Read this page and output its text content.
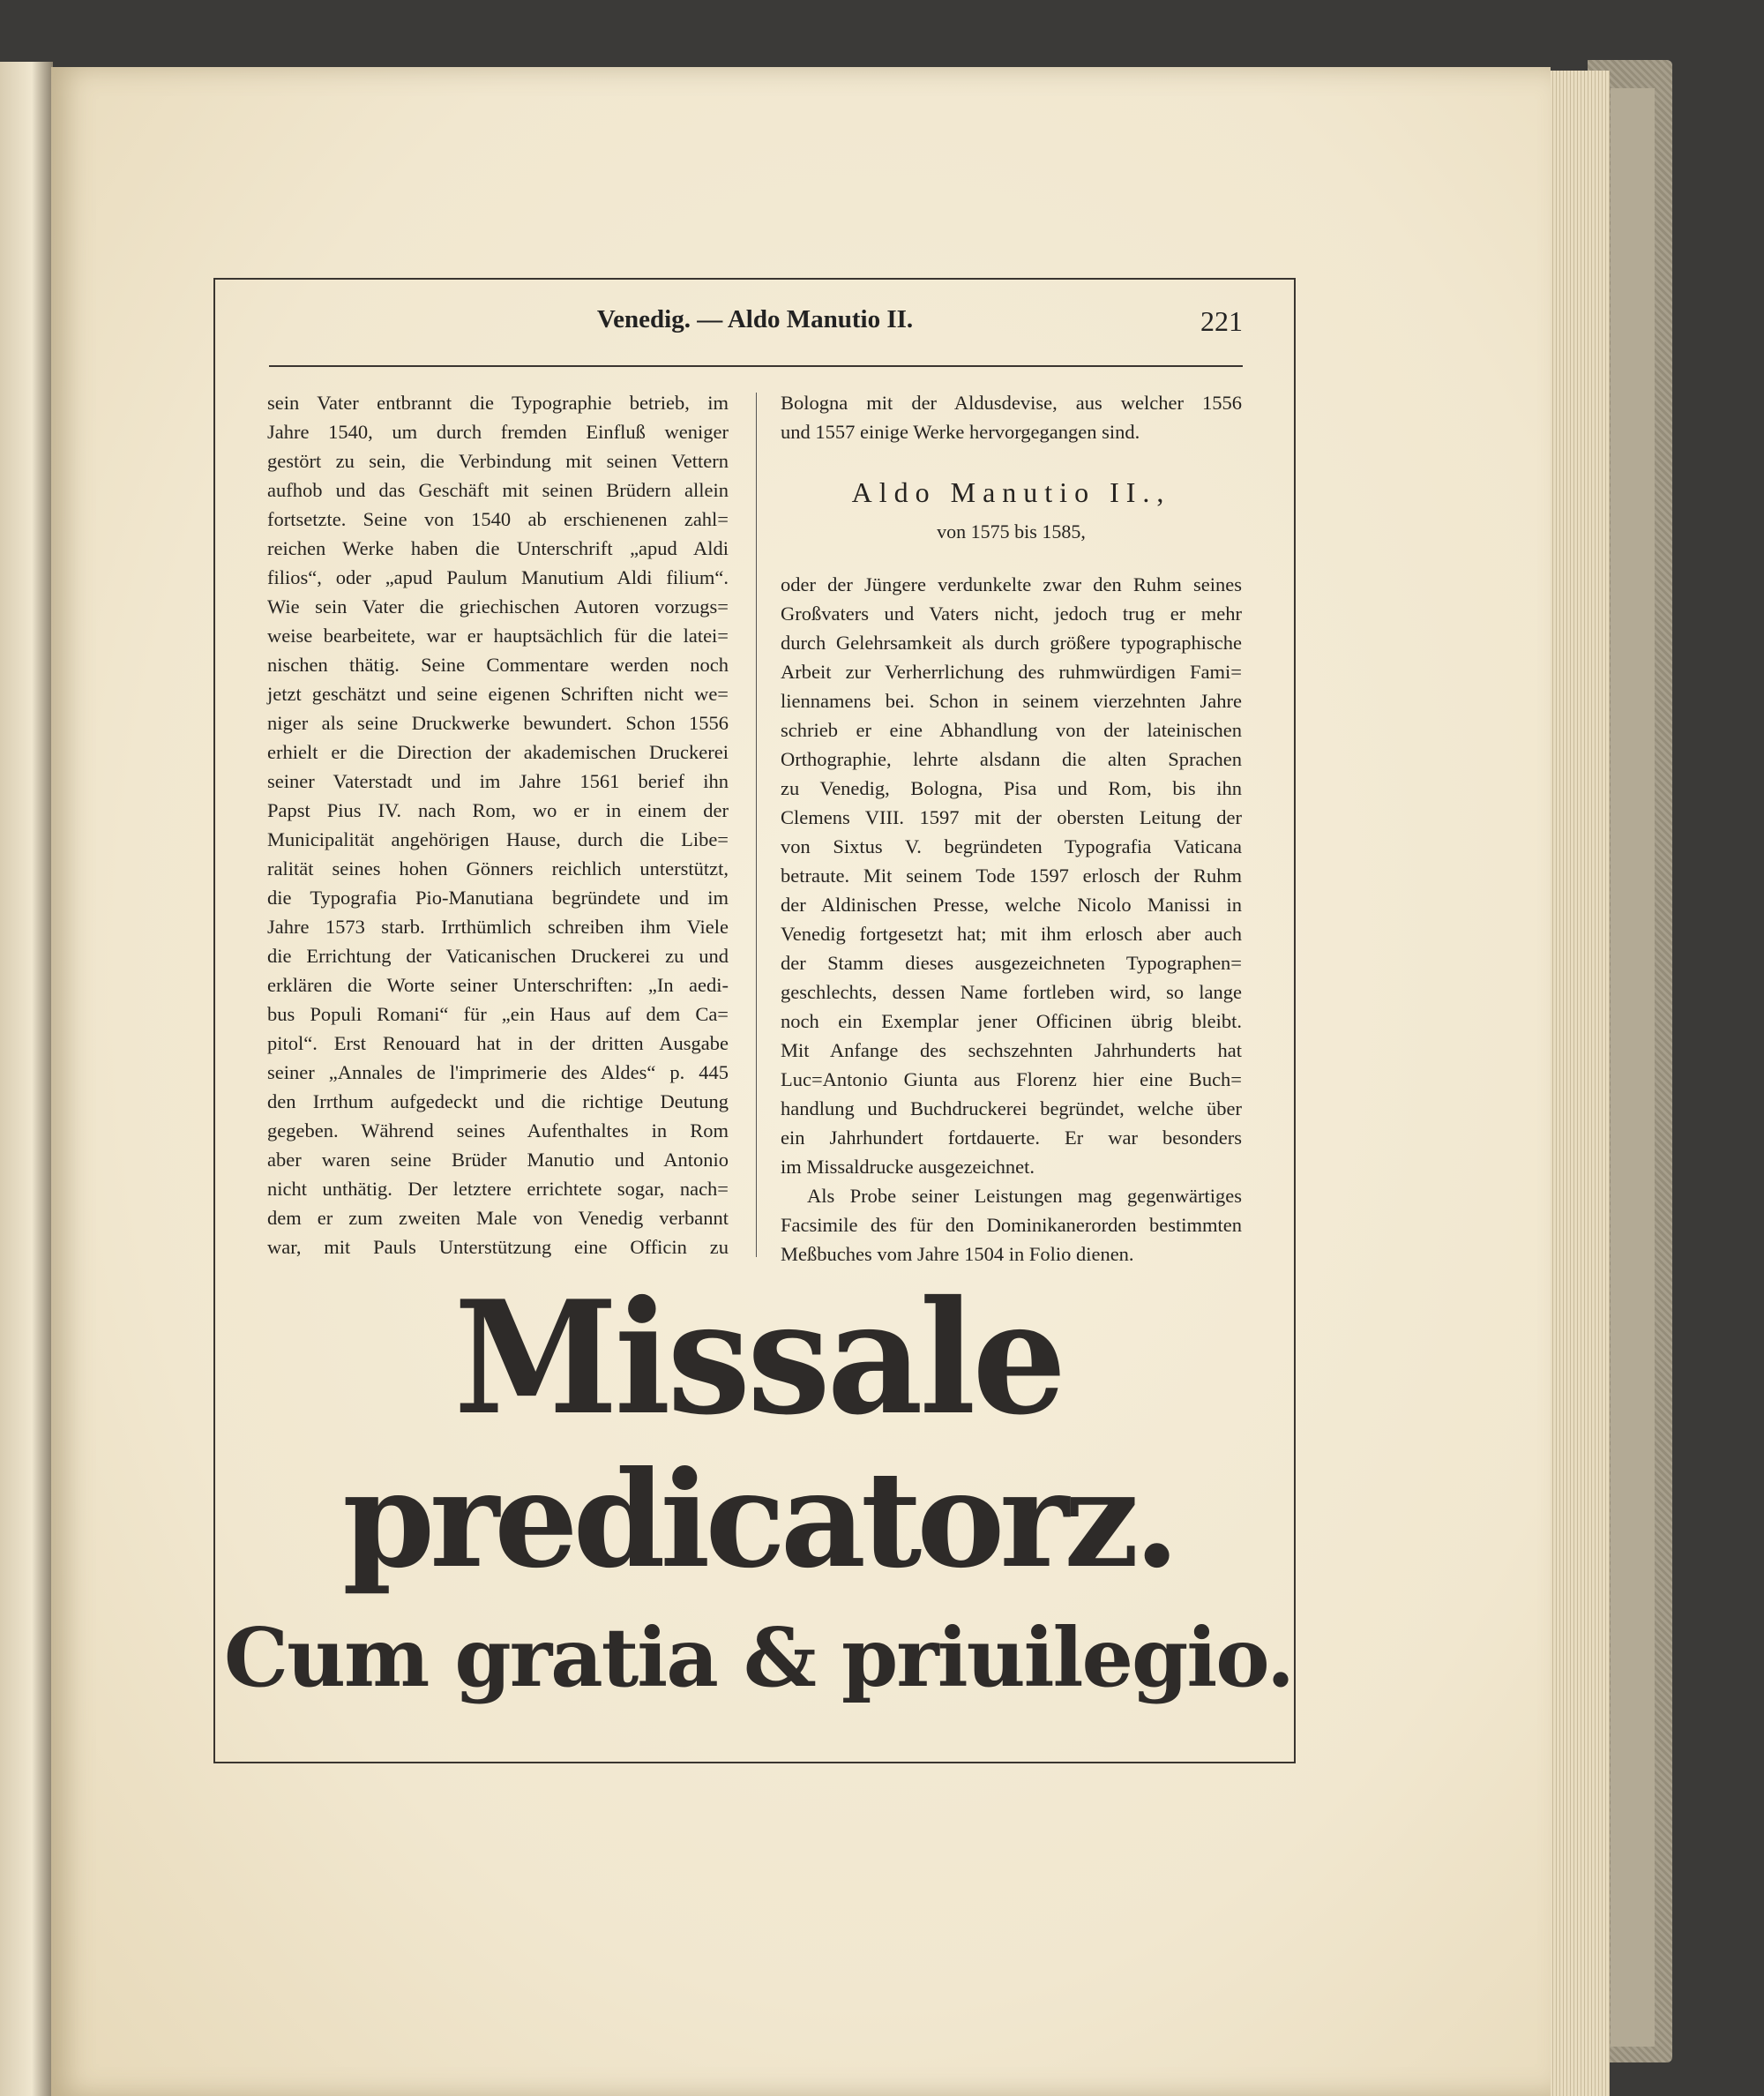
Venedig. — Aldo Manutio II.	221
sein Vater entbrannt die Typographie betrieb, im
Jahre 1540, um durch fremden Einfluß weniger
gestört zu sein, die Verbindung mit seinen Vettern
aufhob und das Geschäft mit seinen Brüdern allein
fortsetzte. Seine von 1540 ab erschienenen zahl=
reichen Werke haben die Unterschrift „apud Aldi
filios“, oder „apud Paulum Manutium Aldi filium“.
Wie sein Vater die griechischen Autoren vorzugs=
weise bearbeitete, war er hauptsächlich für die latei=
nischen thätig. Seine Commentare werden noch
jetzt geschätzt und seine eigenen Schriften nicht we=
niger als seine Druckwerke bewundert. Schon 1556
erhielt er die Direction der akademischen Druckerei
seiner Vaterstadt und im Jahre 1561 berief ihn
Papst Pius IV. nach Rom, wo er in einem der
Municipalität angehörigen Hause, durch die Libe=
ralität seines hohen Gönners reichlich unterstützt,
die Typografia Pio-Manutiana begründete und im
Jahre 1573 starb. Irrthümlich schreiben ihm Viele
die Errichtung der Vaticanischen Druckerei zu und
erklären die Worte seiner Unterschriften: „In aedi-
bus Populi Romani“ für „ein Haus auf dem Ca=
pitol“. Erst Renouard hat in der dritten Ausgabe
seiner „Annales de l'imprimerie des Aldes“ p. 445
den Irrthum aufgedeckt und die richtige Deutung
gegeben. Während seines Aufenthaltes in Rom
aber waren seine Brüder Manutio und Antonio
nicht unthätig. Der letztere errichtete sogar, nach=
dem er zum zweiten Male von Venedig verbannt
war, mit Pauls Unterstützung eine Officin zu
Bologna mit der Aldusdevise, aus welcher 1556
und 1557 einige Werke hervorgegangen sind.
Aldo Manutio II.,
von 1575 bis 1585,
oder der Jüngere verdunkelte zwar den Ruhm seines
Großvaters und Vaters nicht, jedoch trug er mehr
durch Gelehrsamkeit als durch größere typographische
Arbeit zur Verherrlichung des ruhmwürdigen Fami=
liennamens bei. Schon in seinem vierzehnten Jahre
schrieb er eine Abhandlung von der lateinischen
Orthographie, lehrte alsdann die alten Sprachen
zu Venedig, Bologna, Pisa und Rom, bis ihn
Clemens VIII. 1597 mit der obersten Leitung der
von Sixtus V. begründeten Typografia Vaticana
betraute. Mit seinem Tode 1597 erlosch der Ruhm
der Aldinischen Presse, welche Nicolo Manissi in
Venedig fortgesetzt hat; mit ihm erlosch aber auch
der Stamm dieses ausgezeichneten Typographen=
geschlechts, dessen Name fortleben wird, so lange
noch ein Exemplar jener Officinen übrig bleibt.
Mit Anfange des sechszehnten Jahrhunderts hat
Luc=Antonio Giunta aus Florenz hier eine Buch=
handlung und Buchdruckerei begründet, welche über
ein Jahrhundert fortdauerte. Er war besonders
im Missaldrucke ausgezeichnet.
Als Probe seiner Leistungen mag gegenwärtiges
Facsimile des für den Dominikanerorden bestimmten
Meßbuches vom Jahre 1504 in Folio dienen.
Missale
predicatorz.
Cum gratia & priuilegio.
